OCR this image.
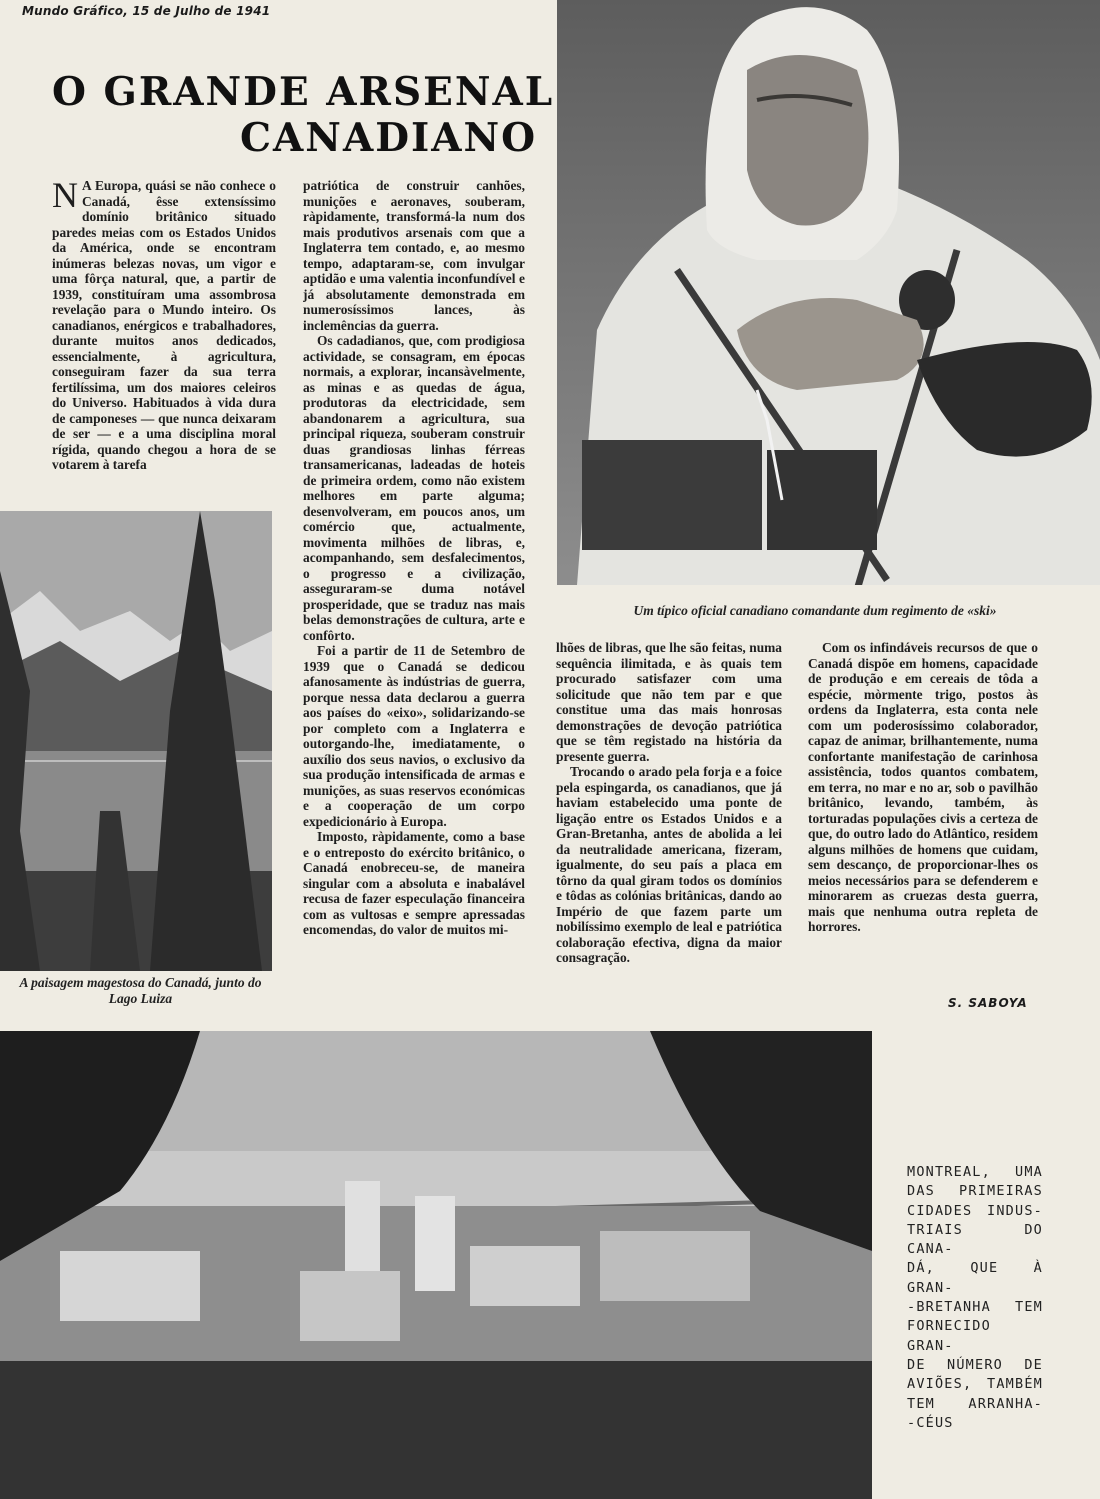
Mundo Gráfico, 15 de Julho de 1941
O GRANDE ARSENAL
CANADIANO
Um típico oficial canadiano comandante dum regimento de «ski»
A paisagem magestosa do Canadá, junto do Lago Luiza
MONTREAL, UMA
DAS PRIMEIRAS
CIDADES INDUS-
TRIAIS DO CANA-
DÁ, QUE À GRAN-
-BRETANHA TEM
FORNECIDO GRAN-
DE NÚMERO DE
AVIÕES, TAMBÉM
TEM ARRANHA-
-CÉUS

N A Europa, quási se não conhece o Canadá, êsse extensíssimo domínio britânico situado paredes meias com os Estados Unidos da América, onde se encontram inúmeras belezas novas, um vigor e uma fôrça natural, que, a partir de 1939, constituíram uma assombrosa revelação para o Mundo inteiro. Os canadianos, enérgicos e trabalhadores, durante muitos anos dedicados, essencialmente, à agricultura, conseguiram fazer da sua terra fertilíssima, um dos maiores celeiros do Universo. Habituados à vida dura de camponeses — que nunca deixaram de ser — e a uma disciplina moral rígida, quando chegou a hora de se votarem à tarefa

patriótica de construir canhões, munições e aeronaves, souberam, ràpidamente, transformá-la num dos mais produtivos arsenais com que a Inglaterra tem contado, e, ao mesmo tempo, adaptaram-se, com invulgar aptidão e uma valentia inconfundível e já absolutamente demonstrada em numerosíssimos lances, às inclemências da guerra.

Os cadadianos, que, com prodigiosa actividade, se consagram, em épocas normais, a explorar, incansàvelmente, as minas e as quedas de água, produtoras da electricidade, sem abandonarem a agricultura, sua principal riqueza, souberam construir duas grandiosas linhas férreas transamericanas, ladeadas de hoteis de primeira ordem, como não existem melhores em parte alguma; desenvolveram, em poucos anos, um comércio que, actualmente, movimenta milhões de libras, e, acompanhando, sem desfalecimentos, o progresso e a civilização, asseguraram-se duma notável prosperidade, que se traduz nas mais belas demonstrações de cultura, arte e confôrto.

Foi a partir de 11 de Setembro de 1939 que o Canadá se dedicou afanosamente às indústrias de guerra, porque nessa data declarou a guerra aos países do «eixo», solidarizando-se por completo com a Inglaterra e outorgando-lhe, imediatamente, o auxílio dos seus navios, o exclusivo da sua produção intensificada de armas e munições, as suas reservos económicas e a cooperação de um corpo expedicionário à Europa.

Imposto, ràpidamente, como a base e o entreposto do exército britânico, o Canadá enobreceu-se, de maneira singular com a absoluta e inabalável recusa de fazer especulação financeira com as vultosas e sempre apressadas encomendas, do valor de muitos mi-

lhões de libras, que lhe são feitas, numa sequência ilimitada, e às quais tem procurado satisfazer com uma solicitude que não tem par e que constitue uma das mais honrosas demonstrações de devoção patriótica que se têm registado na história da presente guerra.

Trocando o arado pela forja e a foice pela espingarda, os canadianos, que já haviam estabelecido uma ponte de ligação entre os Estados Unidos e a Gran-Bretanha, antes de abolida a lei da neutralidade americana, fizeram, igualmente, do seu país a placa em tôrno da qual giram todos os domínios e tôdas as colónias britânicas, dando ao Império de que fazem parte um nobilíssimo exemplo de leal e patriótica colaboração efectiva, digna da maior consagração.

Com os infindáveis recursos de que o Canadá dispõe em homens, capacidade de produção e em cereais de tôda a espécie, mòrmente trigo, postos às ordens da Inglaterra, esta conta nele com um poderosíssimo colaborador, capaz de animar, brilhantemente, numa confortante manifestação de carinhosa assistência, todos quantos combatem, em terra, no mar e no ar, sob o pavilhão britânico, levando, também, às torturadas populações civis a certeza de que, do outro lado do Atlântico, residem alguns milhões de homens que cuidam, sem descanço, de proporcionar-lhes os meios necessários para se defenderem e minorarem as cruezas desta guerra, mais que nenhuma outra repleta de horrores.

S. SABOYA
